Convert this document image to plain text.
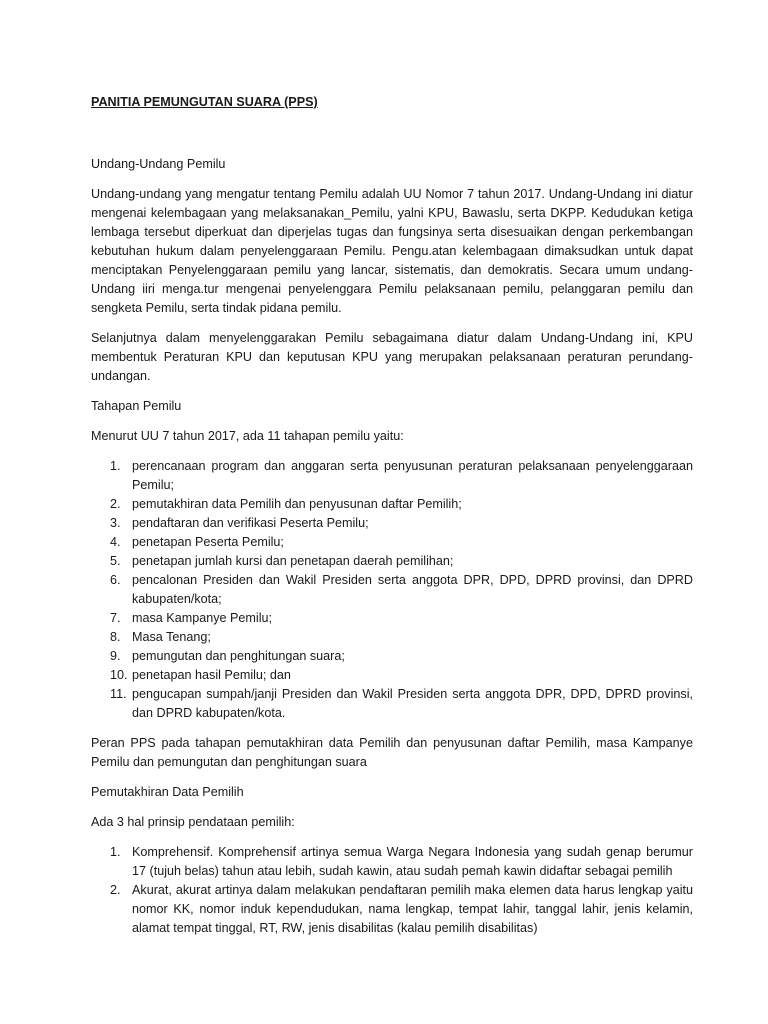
PANITIA PEMUNGUTAN SUARA (PPS)

Undang-Undang Pemilu

Undang-undang yang mengatur tentang Pemilu adalah UU Nomor 7 tahun 2017. Undang-Undang ini diatur mengenai kelembagaan yang melaksanakan_Pemilu, yalni KPU, Bawaslu, serta DKPP. Kedudukan ketiga lembaga tersebut diperkuat dan diperjelas tugas dan fungsinya serta disesuaikan dengan perkembangan kebutuhan hukum dalam penyelenggaraan Pemilu. Pengu.atan kelembagaan dimaksudkan untuk dapat menciptakan Penyelenggaraan pemilu yang lancar, sistematis, dan demokratis. Secara umum undang-Undang iiri menga.tur mengenai penyelenggara Pemilu pelaksanaan pemilu, pelanggaran pemilu dan sengketa Pemilu, serta tindak pidana pemilu.

Selanjutnya dalam menyelenggarakan Pemilu sebagaimana diatur dalam Undang-Undang ini, KPU membentuk Peraturan KPU dan keputusan KPU yang merupakan pelaksanaan peraturan perundang-undangan.

Tahapan Pemilu

Menurut UU 7 tahun 2017, ada 11 tahapan pemilu yaitu:

1. perencanaan program dan anggaran serta penyusunan peraturan pelaksanaan penyelenggaraan Pemilu;
2. pemutakhiran data Pemilih dan penyusunan daftar Pemilih;
3. pendaftaran dan verifikasi Peserta Pemilu;
4. penetapan Peserta Pemilu;
5. penetapan jumlah kursi dan penetapan daerah pemilihan;
6. pencalonan Presiden dan Wakil Presiden serta anggota DPR, DPD, DPRD provinsi, dan DPRD kabupaten/kota;
7. masa Kampanye Pemilu;
8. Masa Tenang;
9. pemungutan dan penghitungan suara;
10. penetapan hasil Pemilu; dan
11. pengucapan sumpah/janji Presiden dan Wakil Presiden serta anggota DPR, DPD, DPRD provinsi, dan DPRD kabupaten/kota.

Peran PPS pada tahapan pemutakhiran data Pemilih dan penyusunan daftar Pemilih, masa Kampanye Pemilu dan pemungutan dan penghitungan suara

Pemutakhiran Data Pemilih

Ada 3 hal prinsip pendataan pemilih:

1. Komprehensif. Komprehensif artinya semua Warga Negara Indonesia yang sudah genap berumur 17 (tujuh belas) tahun atau lebih, sudah kawin, atau sudah pemah kawin didaftar sebagai pemilih
2. Akurat, akurat artinya dalam melakukan pendaftaran pemilih maka elemen data harus lengkap yaitu nomor KK, nomor induk kependudukan, nama lengkap, tempat lahir, tanggal lahir, jenis kelamin, alamat tempat tinggal, RT, RW, jenis disabilitas (kalau pemilih disabilitas)
